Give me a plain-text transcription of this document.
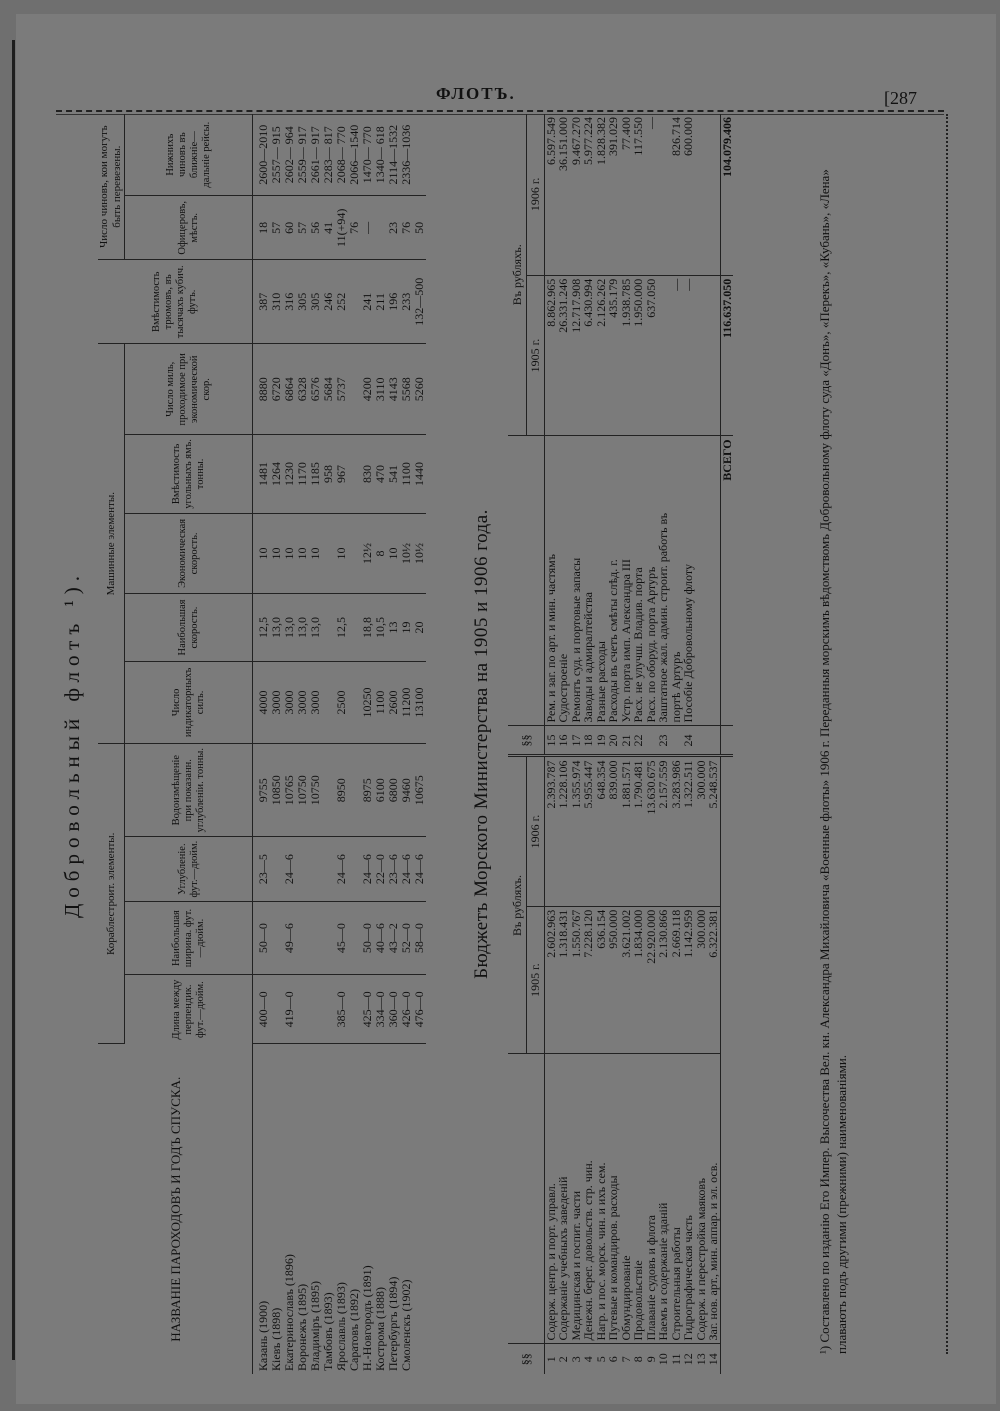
ФЛОТЪ.	[287
Добровольный флотъ ¹).
НАЗВАНІЕ ПАРОХОДОВЪ И ГОДЪ СПУСКА.	Кораблестроит. элементы.				Машинные элементы.					Вмѣстимость трюмовъ, въ тысячахъ кубич. футъ.	Число чиновъ, кои могутъ быть перевезены.	
	Длина между перпендик. фут.—дюйм.	Наибольшая ширина. фут.—дюйм.	Углубленіе. фут.—дюйм.	Водоизмѣщеніе при показанн. углубленіи. тонны.	Число индикаторныхъ силъ.	Наибольшая скорость.	Экономическая скорость.	Вмѣстимость угольныхъ ямъ. тонны.	Число миль, проходимое при экономической скор.		Офицеровъ, мѣстъ.	Нижнихъ чиновъ въ ближніе— дальніе рейсы.
Казань (1900)	400—0	50—0	23—5	9755	4000	12,5	10	1481	8880	387	18	2600—2010
Кіевъ (1898)				10850	3000	13,0	10	1264	6720	310	57	2557— 915
Екатеринославъ (1896)	419—0	49—6	24—6	10765	3000	13,0	10	1230	6864	316	60	2602— 964
Воронежъ (1895)				10750	3000	13,0	10	1170	6328	305	57	2559— 917
Владиміръ (1895)				10750	3000	13,0	10	1185	6576	305	56	2661— 917
Тамбовъ (1893)								958	5684	246	41	2283— 817
Ярославль (1893)	385—0	45—0	24—6	8950	2500	12,5	10	967	5737	252	11(+94)	2068— 770
Саратовъ (1892)											76	2066—1540
Н.-Новгородъ (1891)	425—0	50—0	24—6	8975	10250	18,8	12½	830	4200	241	—	1470— 770
Кострома (1888)	334—0	40—6	22—0	6100	1100	10,5	8	470	3110	211		1340— 618
Петербургъ (1894)	360—0	43—2	23—6	6800	2600	13	10	541	4143	196	23	2114—1532
Смоленскъ (1902)	426—0	52—0	24—6	9460	11200	19	10½	1100	5568	233	76	2336—1036
	476—0	58—0	24—6	10675	13100	20	10½	1440	5260	132—500	50	
Бюджетъ Морского Министерства на 1905 и 1906 года.
§§		Въ рубляхъ.		§§		Въ рубляхъ.	
		1905 г.	1906 г.			1905 г.	1906 г.
1	Содерж. центр. и порт. управл.	2.602.963	2.393.787	15	Рем. и заг. по арт. и мин. частямъ	8.862.965	6.597.549
2	Содержаніе учебныхъ заведеній	1.318.431	1.228.106	16	Судостроеніе	26.331.246	36.151.000
3	Медицинская и госпит. части	1.550.767	1.355.974	17	Ремонтъ суд. и портовые запасы	12.717.908	9.467.270
4	Денежн. берег. довольств. стр. чин.	7.228.120	5.955.447	18	Заводы и адмиралтейства	6.430.994	5.977.224
5	Нагр. и пос. морск. чин. и ихъ сем.	636.154	648.354	19	Разные расходы	2.126.262	1.828.382
6	Путевые и командиров. расходы	950.000	839.000	20	Расходы въ счетъ смѣты слѣд. г.	435.179	391.029
7	Обмундированіе	3.621.002	1.881.571	21	Устр. порта имп. Александра III	1.938.785	77.400
8	Продовольствіе	1.834.000	1.790.481	22	Расх. не улучш. Владив. порта	1.950.000	117.550
9	Плаваніе судовъ и флота	22.920.000	13.630.675		Расх. по оборуд. порта Артуръ	637.050	—
10	Наемъ и содержаніе зданій	2.130.866	2.157.559	23	Заштатное жал. админ. строит. работъ въ		
11	Строительныя работы	2.669.118	3.283.986		портѣ Артуръ	—	826.714
12	Гидрографическая часть	1.142.959	1.322.511	24	Пособіе Добровольному флоту	—	600.000
13	Содерж. и перестройка маяковъ	300.000	300.000				
14	Заг. нов. арт., мин. аппар. и эл. осв.	6.322.381	5.248.537				
					ВСЕГО	116.637.050	104.079.406
¹) Составлено по изданію Его Импер. Высочества Вел. кн. Александра Михайловича «Военные флоты» 1906 г. Переданныя морскимъ вѣдомствомъ Добровольному флоту суда «Донъ», «Перекъ», «Кубань», «Лена» плаваютъ подъ другими (прежними) наименованіями.
